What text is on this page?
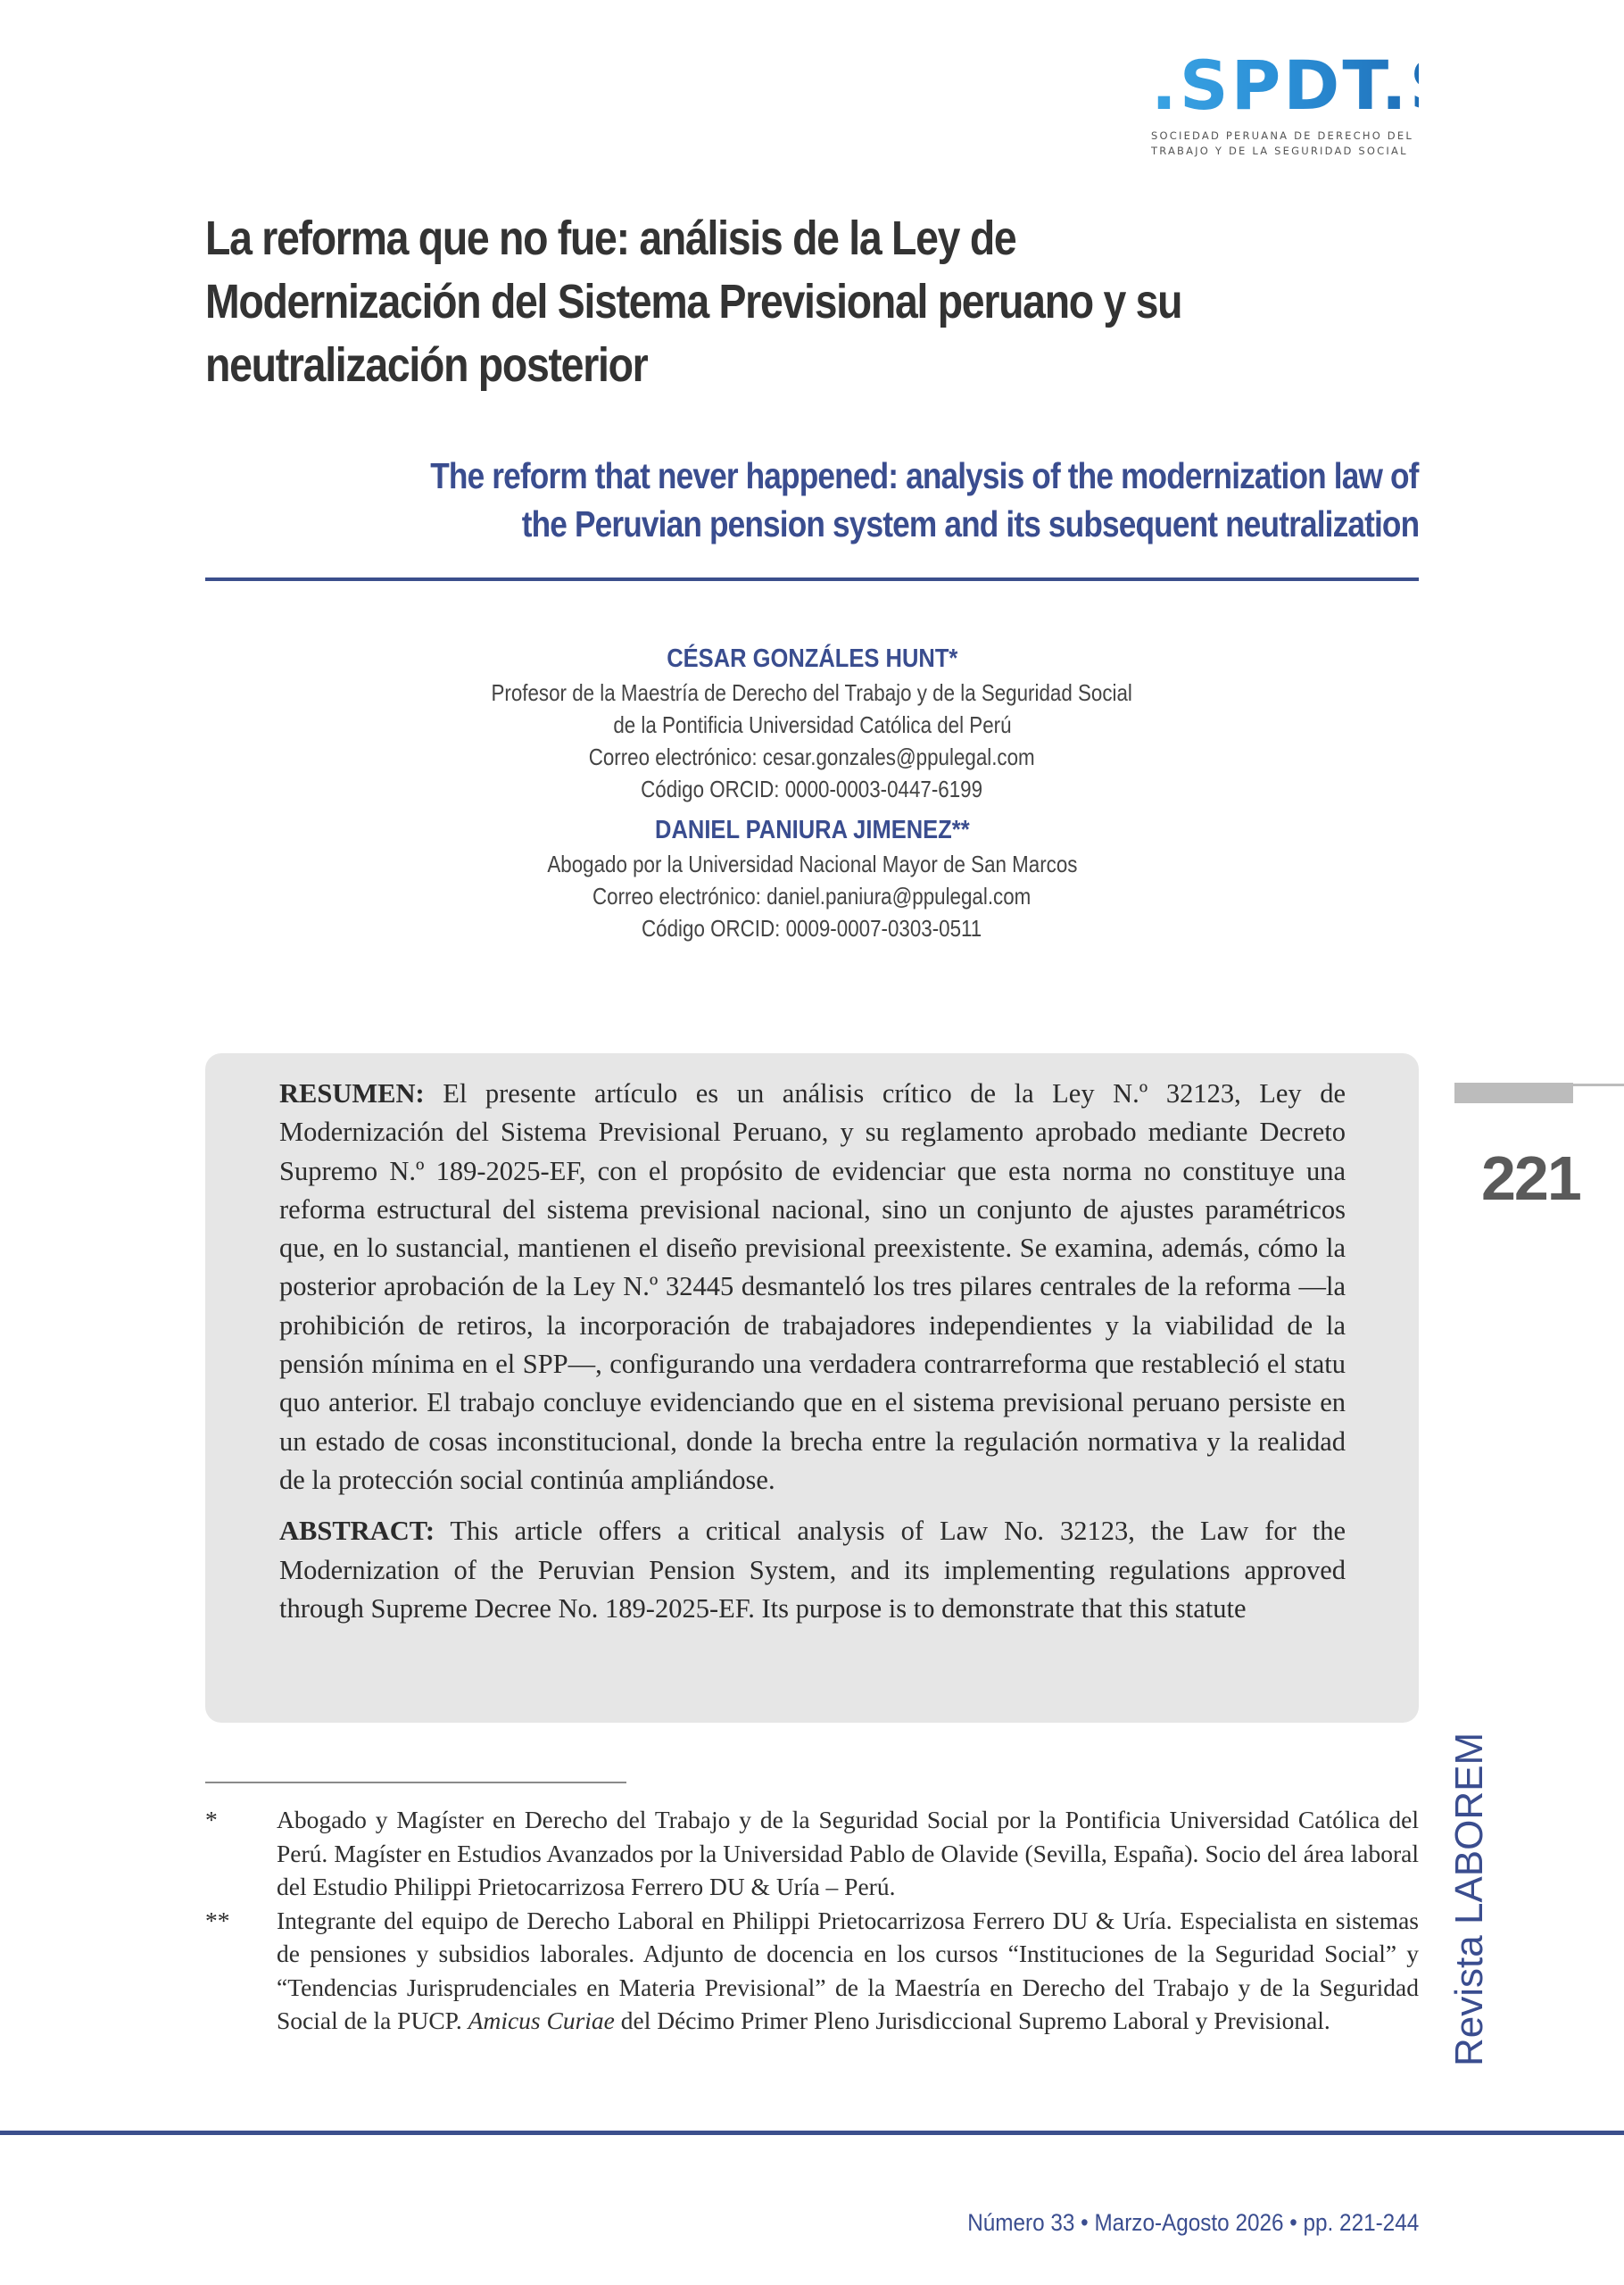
.SPDT.S.S
SOCIEDAD PERUANA DE DERECHO DEL
TRABAJO Y DE LA SEGURIDAD SOCIAL
La reforma que no fue: análisis de la Ley de
Modernización del Sistema Previsional peruano y su
neutralización posterior
The reform that never happened: analysis of the modernization law of
the Peruvian pension system and its subsequent neutralization
CÉSAR GONZÁLES HUNT*
Profesor de la Maestría de Derecho del Trabajo y de la Seguridad Social
de la Pontificia Universidad Católica del Perú
Correo electrónico: cesar.gonzales@ppulegal.com
Código ORCID: 0000-0003-0447-6199
DANIEL PANIURA JIMENEZ**
Abogado por la Universidad Nacional Mayor de San Marcos
Correo electrónico: daniel.paniura@ppulegal.com
Código ORCID: 0009-0007-0303-0511

RESUMEN: El presente artículo es un análisis crítico de la Ley N.º 32123, Ley de Modernización del Sistema Previsional Peruano, y su reglamento aprobado mediante Decreto Supremo N.º 189-2025-EF, con el propósito de evidenciar que esta norma no constituye una reforma estructural del sistema previsional nacional, sino un conjunto de ajustes paramétricos que, en lo sustancial, mantienen el diseño previsional preexistente. Se examina, además, cómo la posterior aprobación de la Ley N.º 32445 desmanteló los tres pilares centrales de la reforma —la prohibición de retiros, la incorporación de trabajadores independientes y la viabilidad de la pensión mínima en el SPP—, configurando una verdadera contrarreforma que restableció el statu quo anterior. El trabajo concluye evidenciando que en el sistema previsional peruano persiste en un estado de cosas inconstitucional, donde la brecha entre la regulación normativa y la realidad de la protección social continúa ampliándose.

ABSTRACT: This article offers a critical analysis of Law No. 32123, the Law for the Modernization of the Peruvian Pension System, and its implementing regulations approved through Supreme Decree No. 189-2025-EF. Its purpose is to demonstrate that this statute

221
Revista LABOREM
* Abogado y Magíster en Derecho del Trabajo y de la Seguridad Social por la Pontificia Universidad Católica del Perú. Magíster en Estudios Avanzados por la Universidad Pablo de Olavide (Sevilla, España). Socio del área laboral del Estudio Philippi Prietocarrizosa Ferrero DU & Uría – Perú.
** Integrante del equipo de Derecho Laboral en Philippi Prietocarrizosa Ferrero DU & Uría. Especialista en sistemas de pensiones y subsidios laborales. Adjunto de docencia en los cursos “Instituciones de la Seguridad Social” y “Tendencias Jurisprudenciales en Materia Previsional” de la Maestría en Derecho del Trabajo y de la Seguridad Social de la PUCP. Amicus Curiae del Décimo Primer Pleno Jurisdiccional Supremo Laboral y Previsional.
Número 33 • Marzo-Agosto 2026 • pp. 221-244
